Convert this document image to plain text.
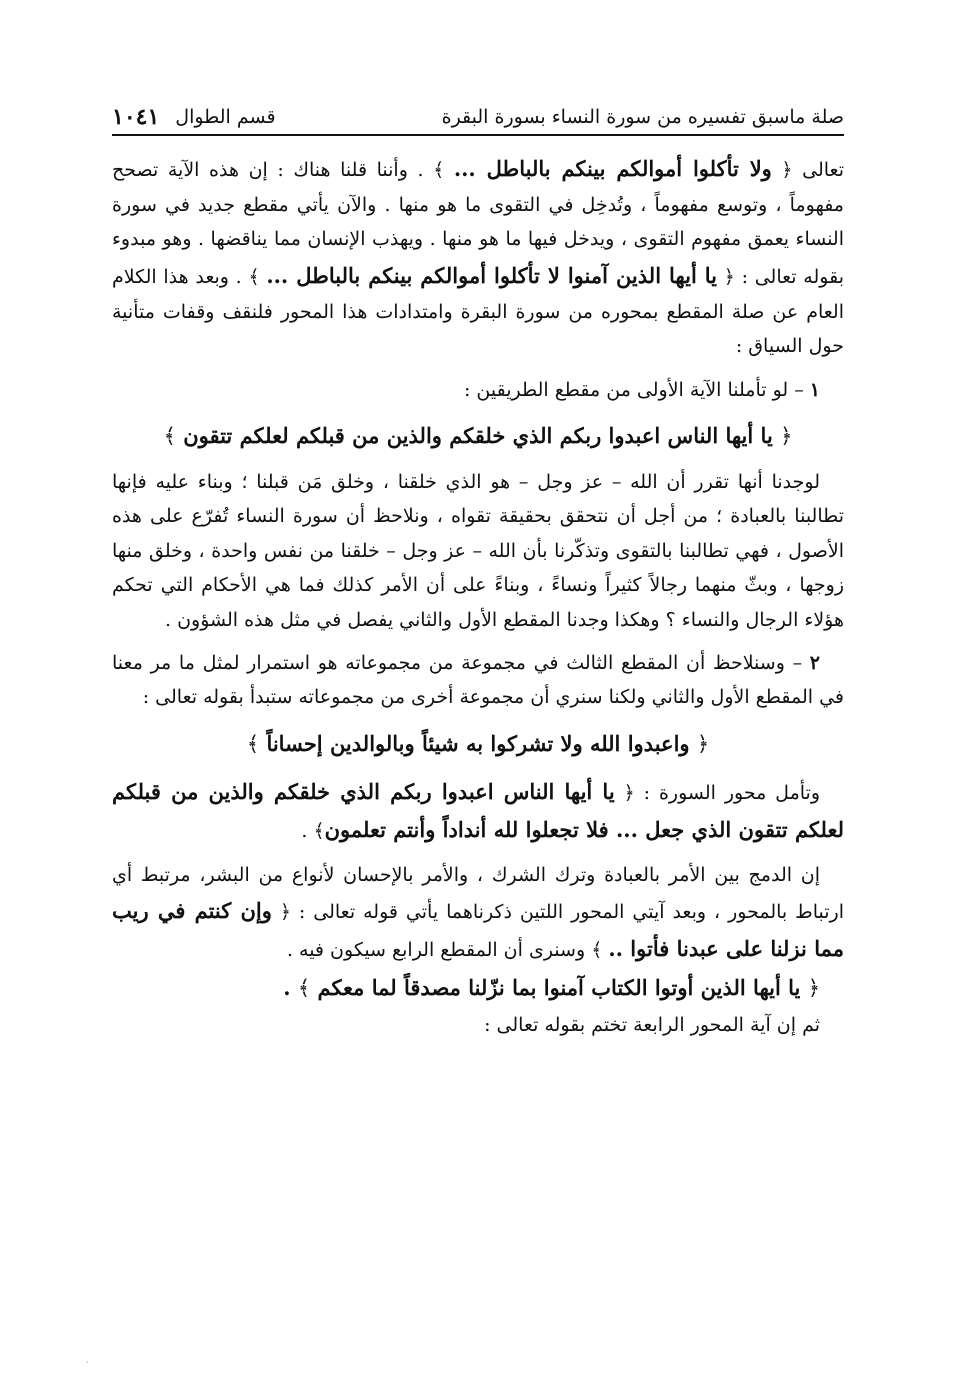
صلة ماسبق تفسيره من سورة النساء بسورة البقرة
قسم الطوال
١٠٤١

تعالى ﴿ ولا تأكلوا أموالكم بينكم بالباطل ... ﴾ . وأننا قلنا هناك : إن هذه الآية تصحح مفهوماً ، وتوسع مفهوماً ، وتُدخِل في التقوى ما هو منها . والآن يأتي مقطع جديد في سورة النساء يعمق مفهوم التقوى ، ويدخل فيها ما هو منها . ويهذب الإنسان مما يناقضها . وهو مبدوء بقوله تعالى : ﴿ يا أيها الذين آمنوا لا تأكلوا أموالكم بينكم بالباطل ... ﴾ . وبعد هذا الكلام العام عن صلة المقطع بمحوره من سورة البقرة وامتدادات هذا المحور فلنقف وقفات متأنية حول السياق :

١ – لو تأملنا الآية الأولى من مقطع الطريقين :

﴿ يا أيها الناس اعبدوا ربكم الذي خلقكم والذين من قبلكم لعلكم تتقون ﴾

لوجدنا أنها تقرر أن الله – عز وجل – هو الذي خلقنا ، وخلق مَن قبلنا ؛ وبناء عليه فإنها تطالبنا بالعبادة ؛ من أجل أن نتحقق بحقيقة تقواه ، ونلاحظ أن سورة النساء تُفرّع على هذه الأصول ، فهي تطالبنا بالتقوى وتذكّرنا بأن الله – عز وجل – خلقنا من نفس واحدة ، وخلق منها زوجها ، وبثّ منهما رجالاً كثيراً ونساءً ، وبناءً على أن الأمر كذلك فما هي الأحكام التي تحكم هؤلاء الرجال والنساء ؟ وهكذا وجدنا المقطع الأول والثاني يفصل في مثل هذه الشؤون .

٢ – وسنلاحظ أن المقطع الثالث في مجموعة من مجموعاته هو استمرار لمثل ما مر معنا في المقطع الأول والثاني ولكنا سنري أن مجموعة أخرى من مجموعاته ستبدأ بقوله تعالى :

﴿ واعبدوا الله ولا تشركوا به شيئاً وبالوالدين إحساناً ﴾

وتأمل محور السورة : ﴿ يا أيها الناس اعبدوا ربكم الذي خلقكم والذين من قبلكم لعلكم تتقون الذي جعل ... فلا تجعلوا لله أنداداً وأنتم تعلمون﴾ .

إن الدمج بين الأمر بالعبادة وترك الشرك ، والأمر بالإحسان لأنواع من البشر، مرتبط أي ارتباط بالمحور ، وبعد آيتي المحور اللتين ذكرناهما يأتي قوله تعالى : ﴿ وإن كنتم في ريب مما نزلنا على عبدنا فأتوا .. ﴾ وسنرى أن المقطع الرابع سيكون فيه .

﴿ يا أيها الذين أوتوا الكتاب آمنوا بما نزّلنا مصدقاً لما معكم ﴾ .

ثم إن آية المحور الرابعة تختم بقوله تعالى :

·
